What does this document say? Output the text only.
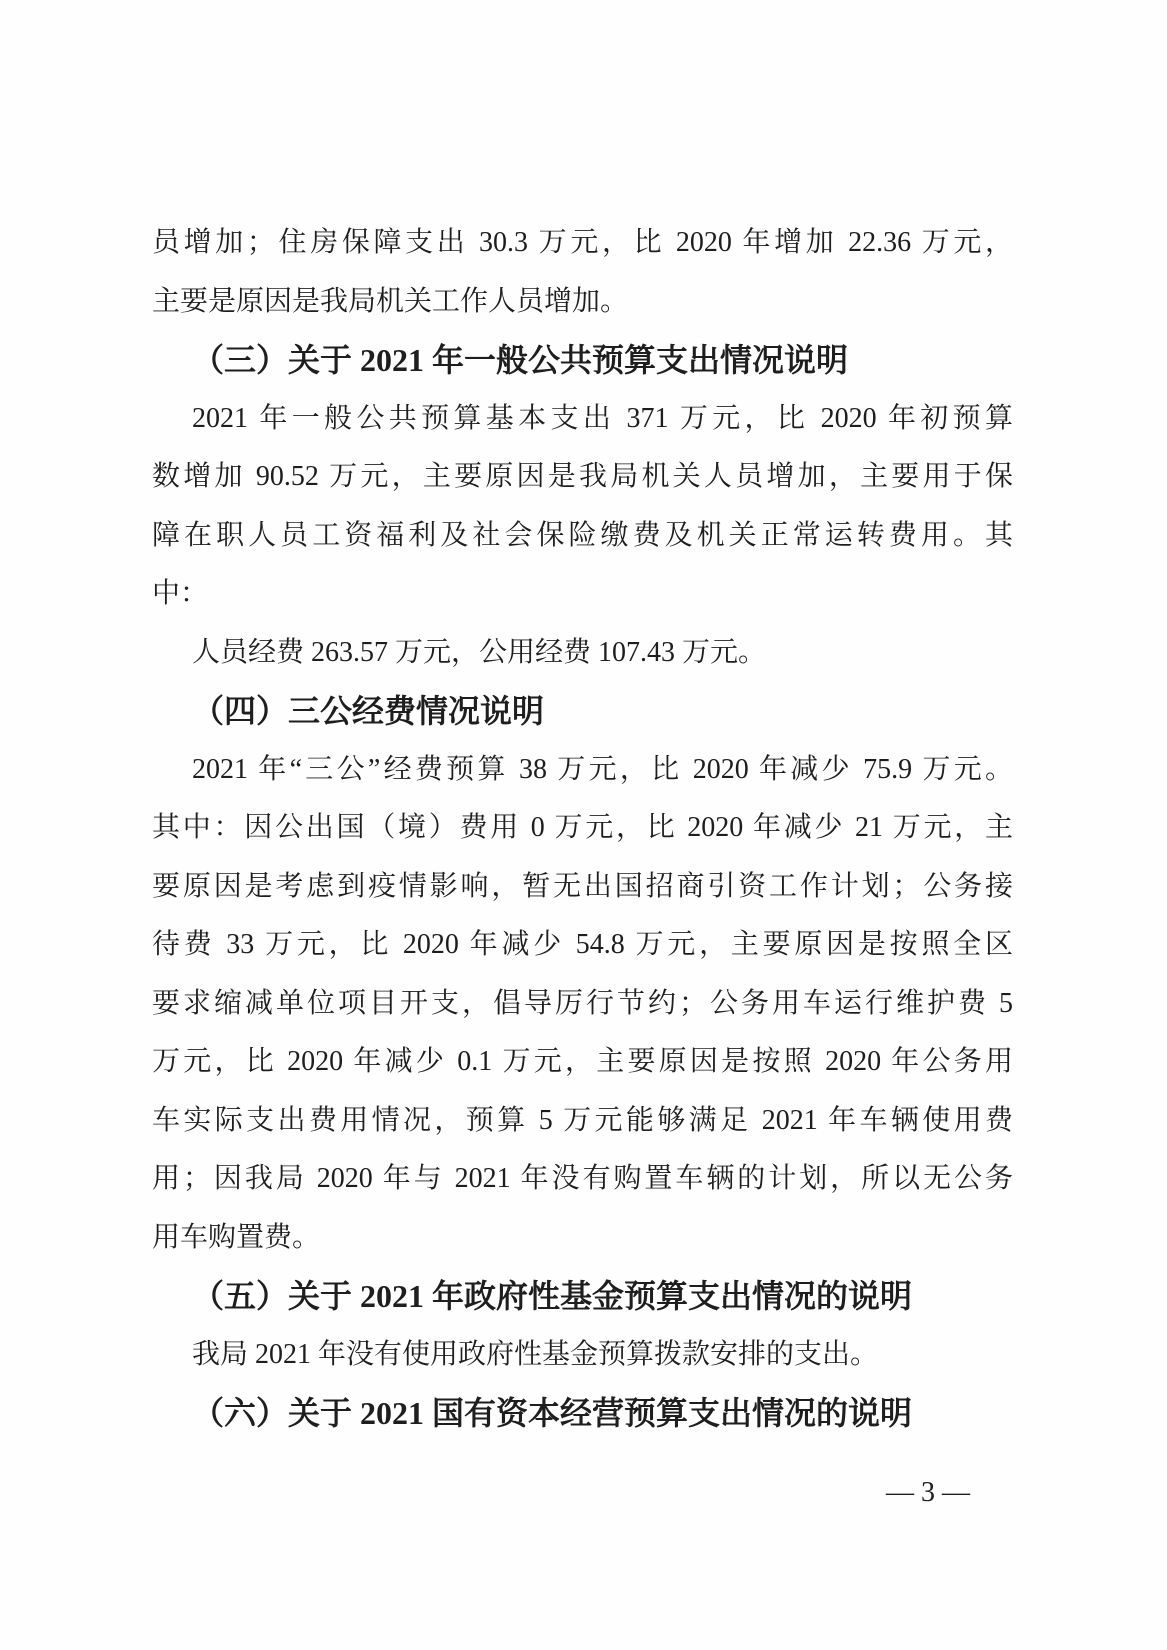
员增加；住房保障支出 30.3 万元，比 2020 年增加 22.36 万元，
主要是原因是我局机关工作人员增加。
（三）关于 2021 年一般公共预算支出情况说明
2021 年一般公共预算基本支出 371 万元，比 2020 年初预算
数增加 90.52 万元，主要原因是我局机关人员增加，主要用于保
障在职人员工资福利及社会保险缴费及机关正常运转费用。其
中：
人员经费 263.57 万元，公用经费 107.43 万元。
（四）三公经费情况说明
2021 年“三公”经费预算 38 万元，比 2020 年减少 75.9 万元。
其中：因公出国（境）费用 0 万元，比 2020 年减少 21 万元，主
要原因是考虑到疫情影响，暂无出国招商引资工作计划；公务接
待费 33 万元，比 2020 年减少 54.8 万元，主要原因是按照全区
要求缩减单位项目开支，倡导厉行节约；公务用车运行维护费 5
万元，比 2020 年减少 0.1 万元，主要原因是按照 2020 年公务用
车实际支出费用情况，预算 5 万元能够满足 2021 年车辆使用费
用；因我局 2020 年与 2021 年没有购置车辆的计划，所以无公务
用车购置费。
（五）关于 2021 年政府性基金预算支出情况的说明
我局 2021 年没有使用政府性基金预算拨款安排的支出。
（六）关于 2021 国有资本经营预算支出情况的说明
— 3 —
